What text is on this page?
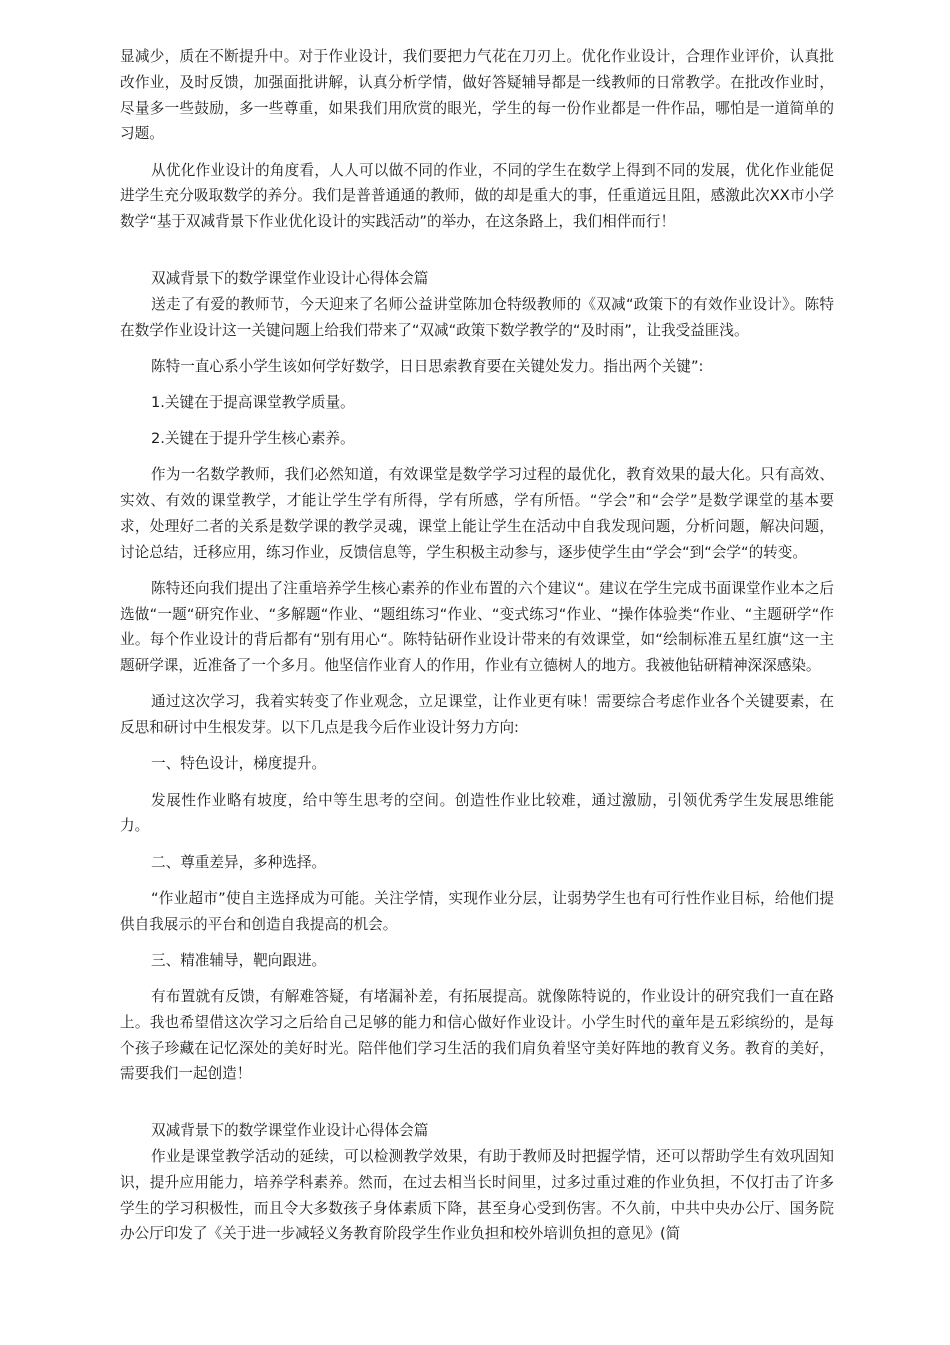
显减少，质在不断提升中。对于作业设计，我们要把力气花在刀刃上。优化作业设计，合理作业评价，认真批改作业，及时反馈，加强面批讲解，认真分析学情，做好答疑辅导都是一线教师的日常教学。在批改作业时，尽量多一些鼓励，多一些尊重，如果我们用欣赏的眼光，学生的每一份作业都是一件作品，哪怕是一道简单的习题。

从优化作业设计的角度看，人人可以做不同的作业，不同的学生在数学上得到不同的发展，优化作业能促进学生充分吸取数学的养分。我们是普普通通的教师，做的却是重大的事，任重道远且阻，感激此次XX市小学数学“基于双减背景下作业优化设计的实践活动”的举办，在这条路上，我们相伴而行！

双减背景下的数学课堂作业设计心得体会篇

送走了有爱的教师节，今天迎来了名师公益讲堂陈加仓特级教师的《双减“政策下的有效作业设计》。陈特在数学作业设计这一关键问题上给我们带来了“双减“政策下数学教学的“及时雨”，让我受益匪浅。

陈特一直心系小学生该如何学好数学，日日思索教育要在关键处发力。指出两个关键”:

1.关键在于提高课堂教学质量。

2.关键在于提升学生核心素养。

作为一名数学教师，我们必然知道，有效课堂是数学学习过程的最优化，教育效果的最大化。只有高效、实效、有效的课堂教学，才能让学生学有所得，学有所感，学有所悟。“学会”和“会学”是数学课堂的基本要求，处理好二者的关系是数学课的教学灵魂，课堂上能让学生在活动中自我发现问题，分析问题，解决问题，讨论总结，迁移应用，练习作业，反馈信息等，学生积极主动参与，逐步使学生由“学会“到“会学“的转变。

陈特还向我们提出了注重培养学生核心素养的作业布置的六个建议“。建议在学生完成书面课堂作业本之后选做“一题“研究作业、“多解题“作业、“题组练习“作业、“变式练习“作业、“操作体验类“作业、“主题研学“作业。每个作业设计的背后都有“别有用心“。陈特钻研作业设计带来的有效课堂，如“绘制标准五星红旗“这一主题研学课，近准备了一个多月。他坚信作业育人的作用，作业有立德树人的地方。我被他钻研精神深深感染。

通过这次学习，我着实转变了作业观念，立足课堂，让作业更有味！需要综合考虑作业各个关键要素，在反思和研讨中生根发芽。以下几点是我今后作业设计努力方向:

一、特色设计，梯度提升。

发展性作业略有坡度，给中等生思考的空间。创造性作业比较难，通过激励，引领优秀学生发展思维能力。

二、尊重差异，多种选择。

“作业超市”使自主选择成为可能。关注学情，实现作业分层，让弱势学生也有可行性作业目标，给他们提供自我展示的平台和创造自我提高的机会。

三、精准辅导，靶向跟进。

有布置就有反馈，有解难答疑，有堵漏补差，有拓展提高。就像陈特说的，作业设计的研究我们一直在路上。我也希望借这次学习之后给自己足够的能力和信心做好作业设计。小学生时代的童年是五彩缤纷的，是每个孩子珍藏在记忆深处的美好时光。陪伴他们学习生活的我们肩负着坚守美好阵地的教育义务。教育的美好，需要我们一起创造！

双减背景下的数学课堂作业设计心得体会篇

作业是课堂教学活动的延续，可以检测教学效果，有助于教师及时把握学情，还可以帮助学生有效巩固知识，提升应用能力，培养学科素养。然而，在过去相当长时间里，过多过重过难的作业负担，不仅打击了许多学生的学习积极性，而且令大多数孩子身体素质下降，甚至身心受到伤害。不久前，中共中央办公厅、国务院办公厅印发了《关于进一步减轻义务教育阶段学生作业负担和校外培训负担的意见》(简
